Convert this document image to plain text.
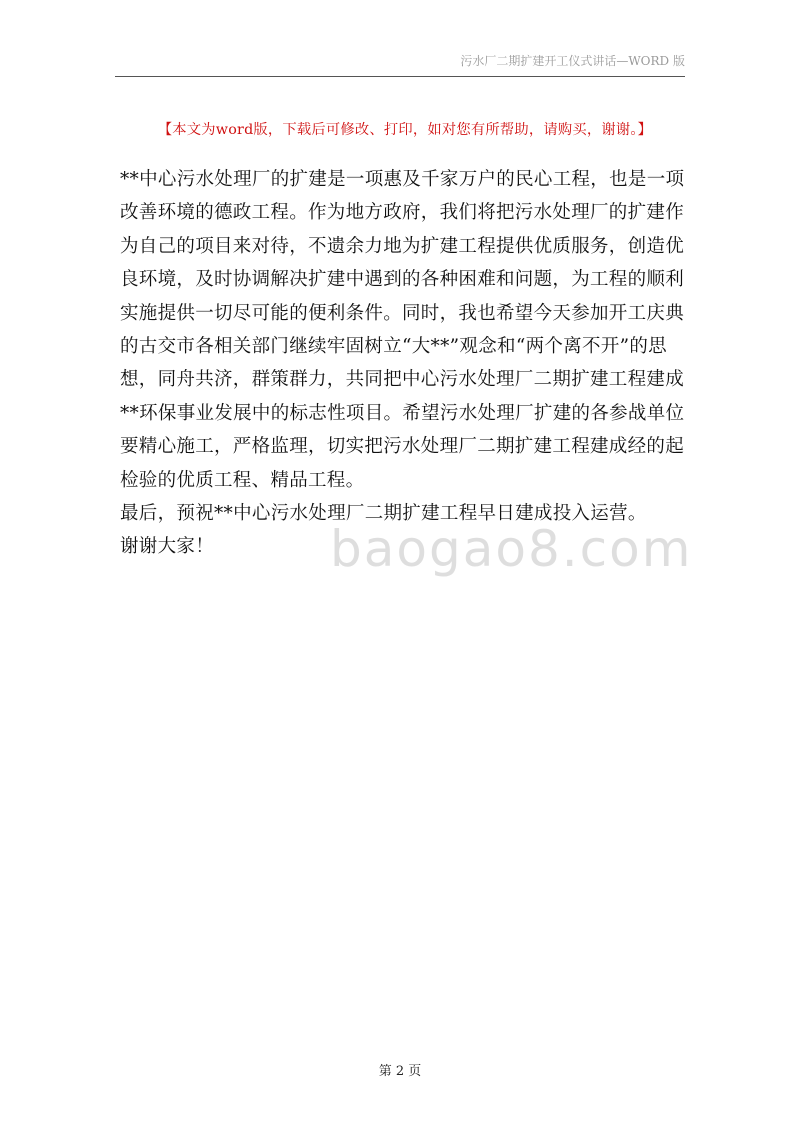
污水厂二期扩建开工仪式讲话—WORD 版
【本文为word版，下载后可修改、打印，如对您有所帮助，请购买，谢谢。】
**中心污水处理厂的扩建是一项惠及千家万户的民心工程，也是一项
改善环境的德政工程。作为地方政府，我们将把污水处理厂的扩建作
为自己的项目来对待，不遗余力地为扩建工程提供优质服务，创造优
良环境，及时协调解决扩建中遇到的各种困难和问题，为工程的顺利
实施提供一切尽可能的便利条件。同时，我也希望今天参加开工庆典
的古交市各相关部门继续牢固树立“大**”观念和“两个离不开”的思
想，同舟共济，群策群力，共同把中心污水处理厂二期扩建工程建成
**环保事业发展中的标志性项目。希望污水处理厂扩建的各参战单位
要精心施工，严格监理，切实把污水处理厂二期扩建工程建成经的起
检验的优质工程、精品工程。
最后，预祝**中心污水处理厂二期扩建工程早日建成投入运营。
谢谢大家！	baogao8.com
第 2 页
